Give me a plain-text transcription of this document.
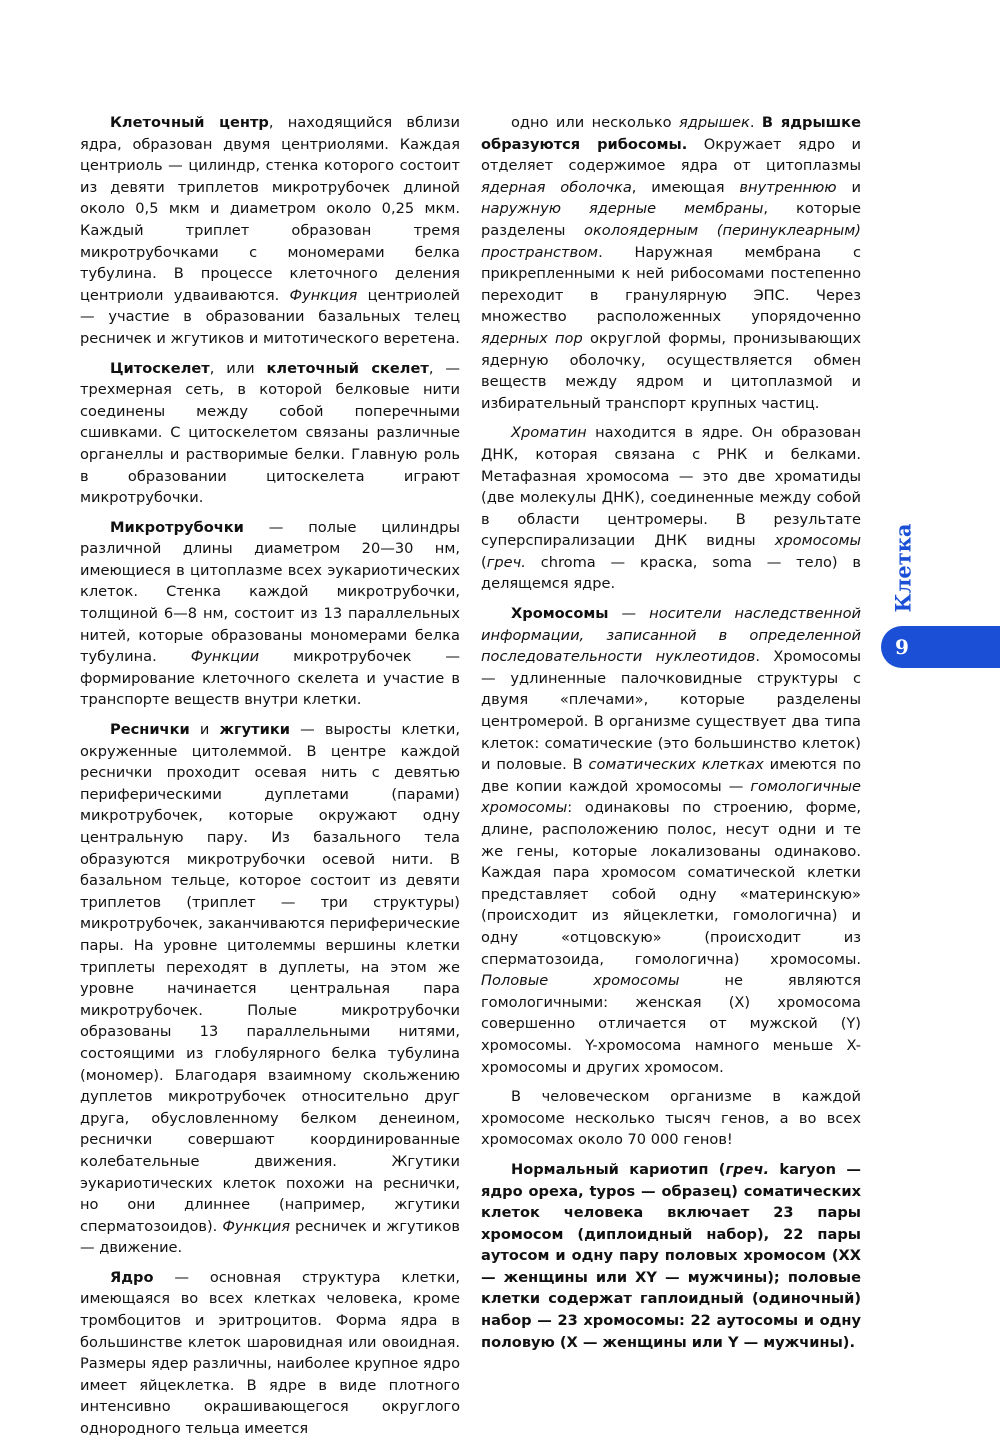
Клеточный центр, находящийся вблизи ядра, образован двумя центриолями. Каждая центриоль — цилиндр, стенка которого состоит из девяти триплетов микротрубочек длиной около 0,5 мкм и диаметром около 0,25 мкм. Каждый триплет образован тремя микротрубочками с мономерами белка тубулина. В процессе клеточного деления центриоли удваиваются. Функция центриолей — участие в образовании базальных телец ресничек и жгутиков и митотического веретена.

Цитоскелет, или клеточный скелет, — трехмерная сеть, в которой белковые нити соединены между собой поперечными сшивками. С цитоскелетом связаны различные органеллы и растворимые белки. Главную роль в образовании цитоскелета играют микротрубочки.

Микротрубочки — полые цилиндры различной длины диаметром 20—30 нм, имеющиеся в цитоплазме всех эукариотических клеток. Стенка каждой микротрубочки, толщиной 6—8 нм, состоит из 13 параллельных нитей, которые образованы мономерами белка тубулина. Функции микротрубочек — формирование клеточного скелета и участие в транспорте веществ внутри клетки.

Реснички и жгутики — выросты клетки, окруженные цитолеммой. В центре каждой реснички проходит осевая нить с девятью периферическими дуплетами (парами) микротрубочек, которые окружают одну центральную пару. Из базального тела образуются микротрубочки осевой нити. В базальном тельце, которое состоит из девяти триплетов (триплет — три структуры) микротрубочек, заканчиваются периферические пары. На уровне цитолеммы вершины клетки триплеты переходят в дуплеты, на этом же уровне начинается центральная пара микротрубочек. Полые микротрубочки образованы 13 параллельными нитями, состоящими из глобулярного белка тубулина (мономер). Благодаря взаимному скольжению дуплетов микротрубочек относительно друг друга, обусловленному белком денеином, реснички совершают координированные колебательные движения. Жгутики эукариотических клеток похожи на реснички, но они длиннее (например, жгутики сперматозоидов). Функция ресничек и жгутиков — движение.

Ядро — основная структура клетки, имеющаяся во всех клетках человека, кроме тромбоцитов и эритроцитов. Форма ядра в большинстве клеток шаровидная или овоидная. Размеры ядер различны, наиболее крупное ядро имеет яйцеклетка. В ядре в виде плотного интенсивно окрашивающегося округлого однородного тельца имеется

одно или несколько ядрышек. В ядрышке образуются рибосомы. Окружает ядро и отделяет содержимое ядра от цитоплазмы ядерная оболочка, имеющая внутреннюю и наружную ядерные мембраны, которые разделены околоядерным (перинуклеарным) пространством. Наружная мембрана с прикрепленными к ней рибосомами постепенно переходит в гранулярную ЭПС. Через множество расположенных упорядоченно ядерных пор округлой формы, пронизывающих ядерную оболочку, осуществляется обмен веществ между ядром и цитоплазмой и избирательный транспорт крупных частиц.

Хроматин находится в ядре. Он образован ДНК, которая связана с РНК и белками. Метафазная хромосома — это две хроматиды (две молекулы ДНК), соединенные между собой в области центромеры. В результате суперспирализации ДНК видны хромосомы (греч. chroma — краска, soma — тело) в делящемся ядре.

Хромосомы — носители наследственной информации, записанной в определенной последовательности нуклеотидов. Хромосомы — удлиненные палочковидные структуры с двумя «плечами», которые разделены центромерой. В организме существует два типа клеток: соматические (это большинство клеток) и половые. В соматических клетках имеются по две копии каждой хромосомы — гомологичные хромосомы: одинаковы по строению, форме, длине, расположению полос, несут одни и те же гены, которые локализованы одинаково. Каждая пара хромосом соматической клетки представляет собой одну «материнскую» (происходит из яйцеклетки, гомологична) и одну «отцовскую» (происходит из сперматозоида, гомологична) хромосомы. Половые хромосомы не являются гомологичными: женская (X) хромосома совершенно отличается от мужской (Y) хромосомы. Y-хромосома намного меньше X-хромосомы и других хромосом.

В человеческом организме в каждой хромосоме несколько тысяч генов, а во всех хромосомах около 70 000 генов!

Нормальный кариотип (греч. karyon — ядро ореха, typos — образец) соматических клеток человека включает 23 пары хромосом (диплоидный набор), 22 пары аутосом и одну пару половых хромосом (XX — женщины или XY — мужчины); половые клетки содержат гаплоидный (одиночный) набор — 23 хромосомы: 22 аутосомы и одну половую (X — женщины или Y — мужчины).

Клетка
9
